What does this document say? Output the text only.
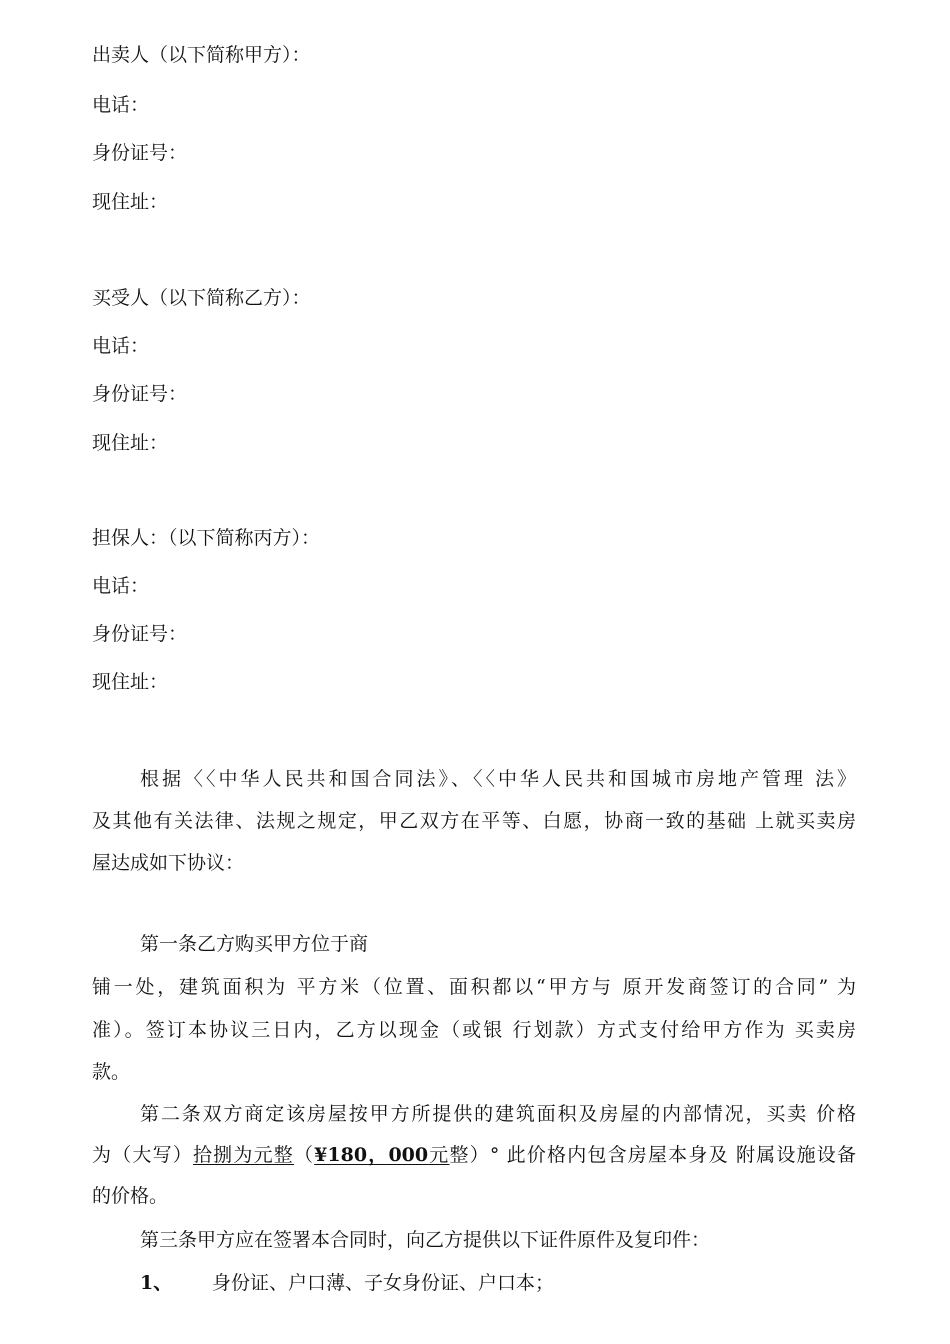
出卖人（以下简称甲方）：
电话：
身份证号：
现住址：
买受人（以下简称乙方）：
电话：
身份证号：
现住址：
担保人：（以下简称丙方）：
电话：
身份证号：
现住址：
根据〈〈中华人民共和国合同法》、〈〈中华人民共和国城市房地产管理 法》
及其他有关法律、法规之规定，甲乙双方在平等、白愿，协商一致的基础 上就买卖房
屋达成如下协议：
第一条乙方购买甲方位于商
铺一处，建筑面积为 平方米（位置、面积都以“甲方与 原开发商签订的合同” 为
准）。签订本协议三日内，乙方以现金（或银 行划款）方式支付给甲方作为 买卖房
款。
第二条双方商定该房屋按甲方所提供的建筑面积及房屋的内部情况，买卖 价格
为（大写）拾捌为元整（¥180，000元整）° 此价格内包含房屋本身及 附属设施设备
的价格。
第三条甲方应在签署本合同时，向乙方提供以下证件原件及复印件：
1、 身份证、户口薄、子女身份证、户口本；
